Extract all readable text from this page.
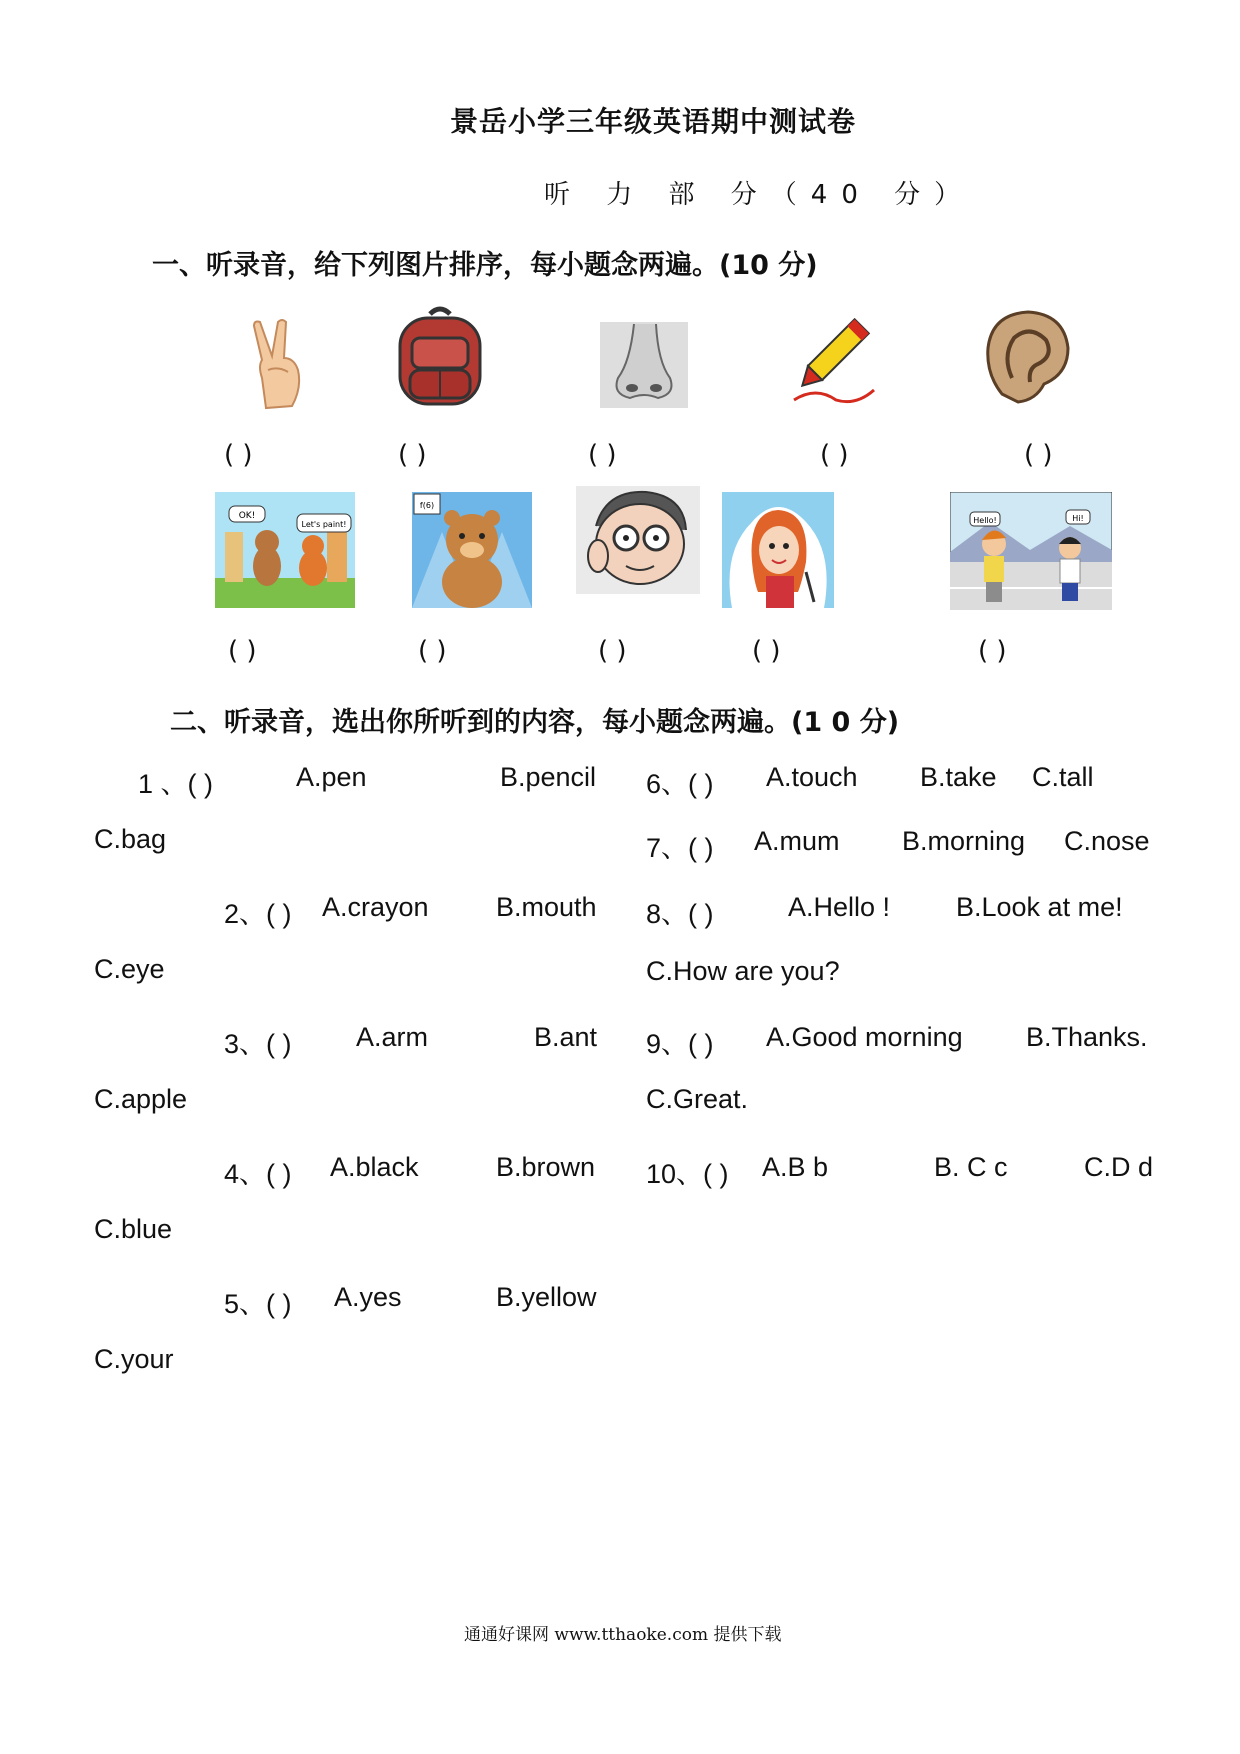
景岳小学三年级英语期中测试卷
听 力 部 分（40 分）
一、听录音，给下列图片排序，每小题念两遍。(10 分)
( )	( )	( )	( )	( )
OK!
Let's paint!
f(6)
Hello!	Hi!
( )	( )	( )	( )	( )
二、听录音，选出你所听到的内容，每小题念两遍。(1 0 分)
1 、( )	A.pen	B.pencil
C.bag
2、( ) A.crayon B.mouth
C.eye
3、( ) A.arm	B.ant
C.apple
4、( ) A.black	B.brown
C.blue
5、( ) A.yes	B.yellow
C.your
6、( ) A.touch B.take C.tall
7、( ) A.mum B.morning C.nose
8、( )	A.Hello ! B.Look at me!
C.How are you?
9、( ) A.Good morning B.Thanks.
C.Great.
10、( ) A.B b	B. C c	C.D d
通通好课网 www.tthaoke.com 提供下载
